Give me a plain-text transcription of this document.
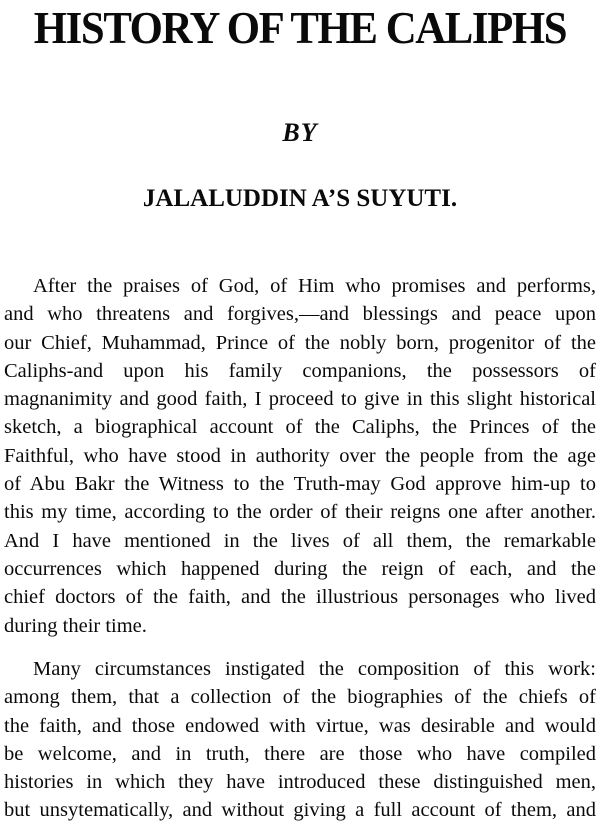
HISTORY OF THE CALIPHS
BY
JALALUDDIN A’S SUYUTI.
After the praises of God, of Him who promises and performs,
and who threatens and forgives,—and blessings and peace upon
our Chief, Muhammad, Prince of the nobly born, progenitor of the
Caliphs-and upon his family companions, the possessors of
magnanimity and good faith, I proceed to give in this slight historical
sketch, a biographical account of the Caliphs, the Princes of the
Faithful, who have stood in authority over the people from the age
of Abu Bakr the Witness to the Truth-may God approve him-up to
this my time, according to the order of their reigns one after another.
And I have mentioned in the lives of all them, the remarkable
occurrences which happened during the reign of each, and the
chief doctors of the faith, and the illustrious personages who lived
during their time.
Many circumstances instigated the composition of this work:
among them, that a collection of the biographies of the chiefs of
the faith, and those endowed with virtue, was desirable and would
be welcome, and in truth, there are those who have compiled
histories in which they have introduced these distinguished men,
but unsytematically, and without giving a full account of them, and
